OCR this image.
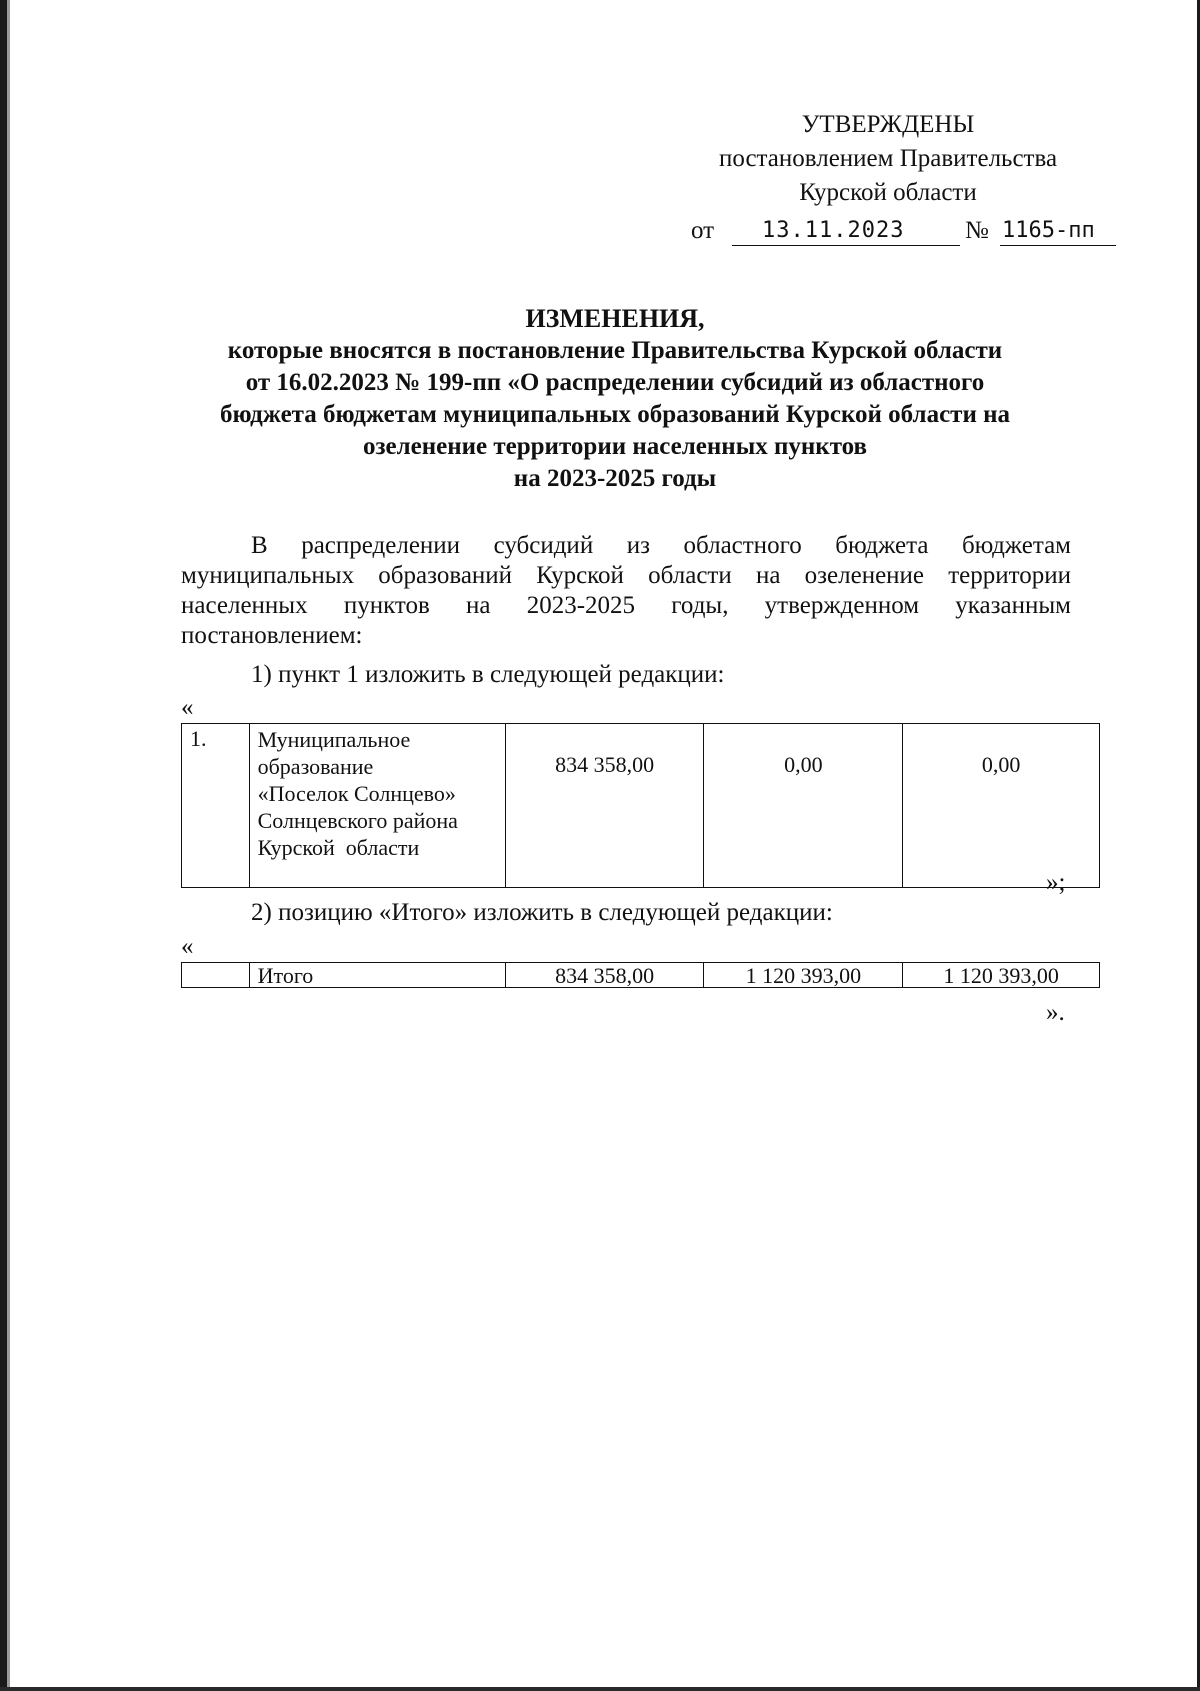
УТВЕРЖДЕНЫ
постановлением Правительства
Курской области
от 13.11.2023 № 1165-пп
ИЗМЕНЕНИЯ,
которые вносятся в постановление Правительства Курской области
от 16.02.2023 № 199-пп «О распределении субсидий из областного
бюджета бюджетам муниципальных образований Курской области на
озеленение территории населенных пунктов
на 2023-2025 годы
В распределении субсидий из областного бюджета бюджетам муниципальных образований Курской области на озеленение территории населенных пунктов на 2023-2025 годы, утвержденном указанным постановлением:
1) пункт 1 изложить в следующей редакции:
«
1.	Муниципальное
образование
«Поселок Солнцево»
Солнцевского района
Курской  области
	834 358,00	0,00	0,00
»;
2) позицию «Итого» изложить в следующей редакции:
«
	Итого	834 358,00	1 120 393,00	1 120 393,00
».
